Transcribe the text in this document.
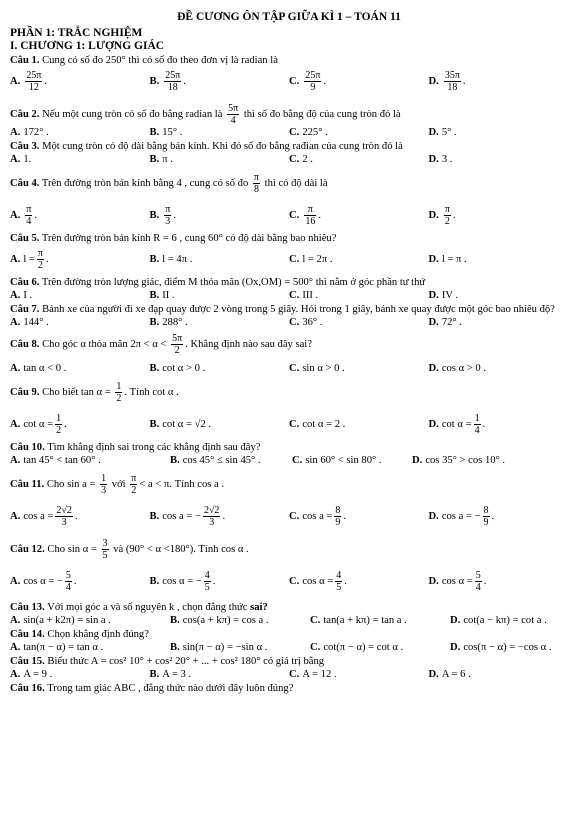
ĐỀ CƯƠNG ÔN TẬP GIỮA KÌ 1 – TOÁN 11
PHẦN 1: TRẮC NGHIỆM
I. CHƯƠNG 1: LƯỢNG GIÁC
Câu 1. Cung có số đo 250° thì có số đo theo đơn vị là radian là
A. $\frac{25\pi}{12}$ .	B. $\frac{25\pi}{18}$ .	C. $\frac{25\pi}{9}$ .	D. $\frac{35\pi}{18}$ .
Câu 2. Nếu một cung tròn có số đo bằng radian là $\frac{5\pi}{4}$ thì số đo bằng độ của cung tròn đó là
A. 172° .	B. 15° .	C. 225° .	D. 5° .
Câu 3. Một cung tròn có độ dài bằng bán kính. Khi đó số đo bằng rađian của cung tròn đó là
A. 1.	B. π .	C. 2 .	D. 3 .
Câu 4. Trên đường tròn bán kính bằng 4 , cung có số đo $\frac{\pi}{8}$ thì có độ dài là
A. $\frac{\pi}{4}$ .	B. $\frac{\pi}{3}$ .	C. $\frac{\pi}{16}$ .	D. $\frac{\pi}{2}$ .
Câu 5. Trên đường tròn bán kính R = 6 , cung 60° có độ dài bằng bao nhiêu?
A. $l = \frac{\pi}{2}$ .	B. l = 4π .	C. l = 2π .	D. l = π .
Câu 6. Trên đường tròn lượng giác, điểm M thỏa mãn (Ox,OM) = 500° thì nằm ở góc phần tư thứ
A. I .	B. II .	C. III .	D. IV .
Câu 7. Bánh xe của người đi xe đạp quay được 2 vòng trong 5 giây. Hỏi trong 1 giây, bánh xe quay được một góc bao nhiêu độ?
A. 144° .	B. 288° .	C. 36° .	D. 72° .
Câu 8. Cho góc α thỏa mãn $2\pi < \alpha < \frac{5\pi}{2}$ . Khẳng định nào sau đây sai?
A. tan α < 0 .	B. cot α > 0 .	C. sin α > 0 .	D. cos α > 0 .
Câu 9. Cho biết $\tan \alpha = \frac{1}{2}$ . Tính cot α .
A. $\cot \alpha = \frac{1}{2}$ .	B. cot α = √2 .	C. cot α = 2 .	D. $\cot \alpha = \frac{1}{4}$ .
Câu 10. Tìm khẳng định sai trong các khẳng định sau đây?
A. tan 45° < tan 60° .	B. cos 45° ≤ sin 45° .	C. sin 60° < sin 80° .	D. cos 35° > cos 10° .
Câu 11. Cho $\sin a = \frac{1}{3}$ với $\frac{\pi}{2} < a < \pi$. Tính cos a .
A. $\cos a = \frac{2√2}{3}$ .	B. cos a = − $\frac{2√2}{3}$ .	C. $\cos a = \frac{8}{9}$ .	D. cos a = − $\frac{8}{9}$ .
Câu 12. Cho $\sin \alpha = \frac{3}{5}$ và (90° < α <180°). Tính cos α .
A. cos α = − $\frac{5}{4}$ .	B. cos α = − $\frac{4}{5}$ .	C. $\cos \alpha = \frac{4}{5}$ .	D. $\cos \alpha = \frac{5}{4}$ .
Câu 13. Với mọi góc a và số nguyên k , chọn đẳng thức sai?
A. sin(a + k2π) = sin a .	B. cos(a + kπ) = cos a .	C. tan(a + kπ) = tan a .	D. cot(a − kπ) = cot a .
Câu 14. Chọn khẳng định đúng?
A. tan(π − α) = tan α .	B. sin(π − α) = −sin α .	C. cot(π − α) = cot α .	D. cos(π − α) = −cos α .
Câu 15. Biểu thức A = cos² 10° + cos² 20° + ... + cos² 180° có giá trị bằng
A. A = 9 .	B. A = 3 .	C. A = 12 .	D. A = 6 .
Câu 16. Trong tam giác ABC , đẳng thức nào dưới đây luôn đúng?
